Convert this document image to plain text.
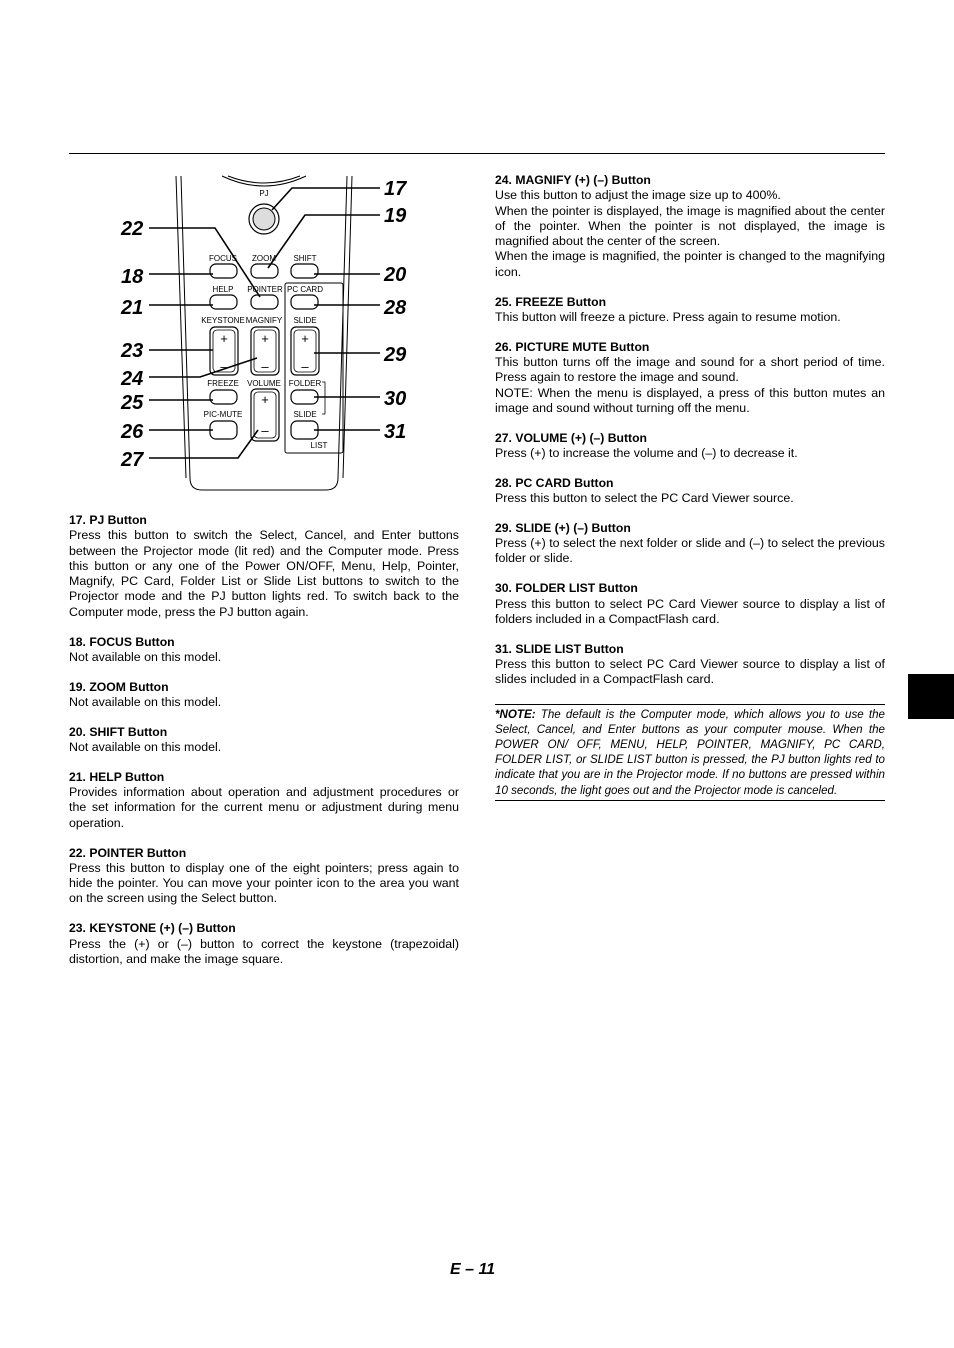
PJ
+
–
+
–
+
–
+
–
FOCUS ZOOM SHIFT
HELP POINTER PC CARD
KEYSTONE MAGNIFY SLIDE
FREEZE VOLUME FOLDER
PIC-MUTE	SLIDE
LIST
17
19
22
18	20
21	28
23	29
24
25	30
26	31
27
17. PJ Button

Press this button to switch the Select, Cancel, and Enter buttons between the Projector mode (lit red) and the Computer mode. Press this button or any one of the Power ON/OFF, Menu, Help, Pointer, Magnify, PC Card, Folder List or Slide List buttons to switch to the Projector mode and the PJ button lights red. To switch back to the Computer mode, press the PJ button again.

18. FOCUS Button

Not available on this model.

19. ZOOM Button

Not available on this model.

20. SHIFT Button

Not available on this model.

21. HELP Button

Provides information about operation and adjustment procedures or the set information for the current menu or adjustment during menu operation.

22. POINTER Button

Press this button to display one of the eight pointers; press again to hide the pointer. You can move your pointer icon to the area you want on the screen using the Select button.

23. KEYSTONE (+) (–) Button

Press the (+) or (–) button to correct the keystone (trapezoidal) distortion, and make the image square.

24. MAGNIFY (+) (–) Button

Use this button to adjust the image size up to 400%.

When the pointer is displayed, the image is magnified about the center of the pointer. When the pointer is not displayed, the image is magnified about the center of the screen.

When the image is magnified, the pointer is changed to the magnifying icon.

25. FREEZE Button

This button will freeze a picture. Press again to resume motion.

26. PICTURE MUTE Button

This button turns off the image and sound for a short period of time. Press again to restore the image and sound.

NOTE: When the menu is displayed, a press of this button mutes an image and sound without turning off the menu.

27. VOLUME (+) (–) Button

Press (+) to increase the volume and (–) to decrease it.

28. PC CARD Button

Press this button to select the PC Card Viewer source.

29. SLIDE (+) (–) Button

Press (+) to select the next folder or slide and (–) to select the previous folder or slide.

30. FOLDER LIST Button

Press this button to select PC Card Viewer source to display a list of folders included in a CompactFlash card.

31. SLIDE LIST Button

Press this button to select PC Card Viewer source to display a list of slides included in a CompactFlash card.

*NOTE: The default is the Computer mode, which allows you to use the Select, Cancel, and Enter buttons as your computer mouse. When the POWER ON/ OFF, MENU, HELP, POINTER, MAGNIFY, PC CARD, FOLDER LIST, or SLIDE LIST button is pressed, the PJ button lights red to indicate that you are in the Projector mode. If no buttons are pressed within 10 seconds, the light goes out and the Projector mode is canceled.
E – 11
